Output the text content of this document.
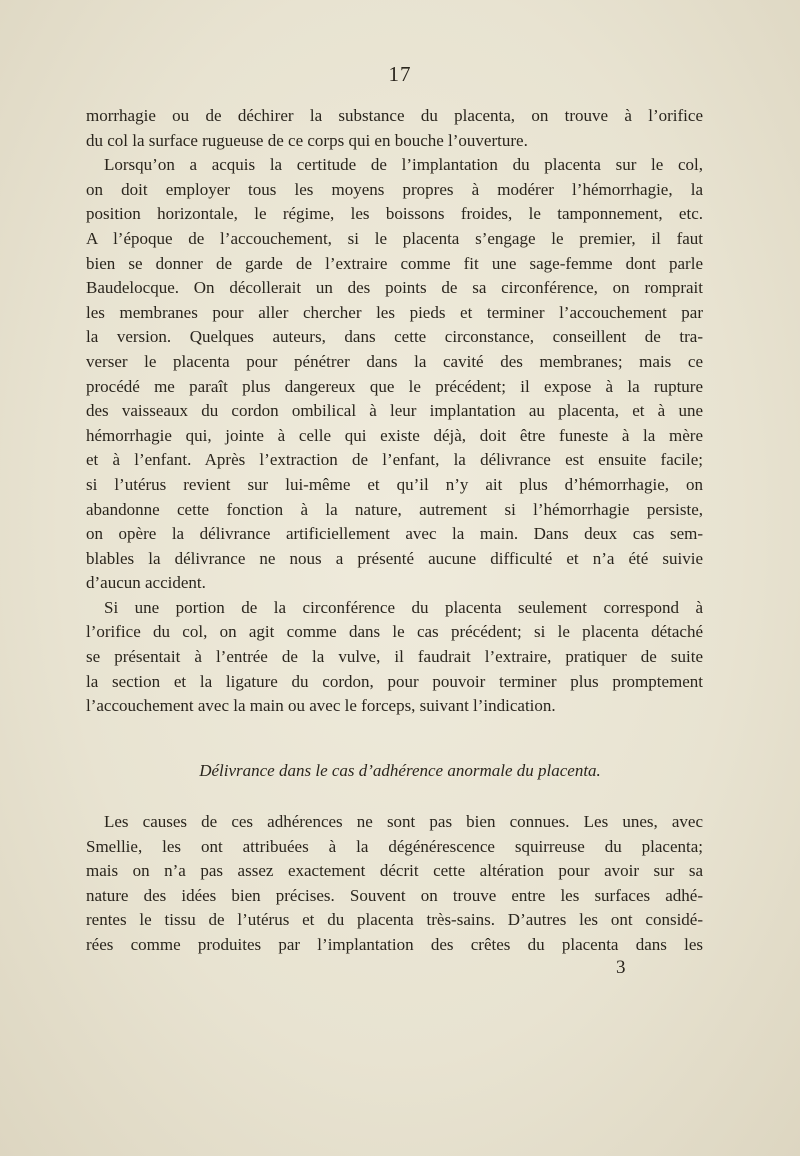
17
morrhagie ou de déchirer la substance du placenta, on trouve à l’orifice
du col la surface rugueuse de ce corps qui en bouche l’ouverture.
Lorsqu’on a acquis la certitude de l’implantation du placenta sur le col,
on doit employer tous les moyens propres à modérer l’hémorrhagie, la
position horizontale, le régime, les boissons froides, le tamponnement, etc.
A l’époque de l’accouchement, si le placenta s’engage le premier, il faut
bien se donner de garde de l’extraire comme fit une sage-femme dont parle
Baudelocque. On décollerait un des points de sa circonférence, on romprait
les membranes pour aller chercher les pieds et terminer l’accouchement par
la version. Quelques auteurs, dans cette circonstance, conseillent de tra-
verser le placenta pour pénétrer dans la cavité des membranes; mais ce
procédé me paraît plus dangereux que le précédent; il expose à la rupture
des vaisseaux du cordon ombilical à leur implantation au placenta, et à une
hémorrhagie qui, jointe à celle qui existe déjà, doit être funeste à la mère
et à l’enfant. Après l’extraction de l’enfant, la délivrance est ensuite facile;
si l’utérus revient sur lui-même et qu’il n’y ait plus d’hémorrhagie, on
abandonne cette fonction à la nature, autrement si l’hémorrhagie persiste,
on opère la délivrance artificiellement avec la main. Dans deux cas sem-
blables la délivrance ne nous a présenté aucune difficulté et n’a été suivie
d’aucun accident.
Si une portion de la circonférence du placenta seulement correspond à
l’orifice du col, on agit comme dans le cas précédent; si le placenta détaché
se présentait à l’entrée de la vulve, il faudrait l’extraire, pratiquer de suite
la section et la ligature du cordon, pour pouvoir terminer plus promptement
l’accouchement avec la main ou avec le forceps, suivant l’indication.
Délivrance dans le cas d’adhérence anormale du placenta.
Les causes de ces adhérences ne sont pas bien connues. Les unes, avec
Smellie, les ont attribuées à la dégénérescence squirreuse du placenta;
mais on n’a pas assez exactement décrit cette altération pour avoir sur sa
nature des idées bien précises. Souvent on trouve entre les surfaces adhé-
rentes le tissu de l’utérus et du placenta très-sains. D’autres les ont considé-
rées comme produites par l’implantation des crêtes du placenta dans les
3
